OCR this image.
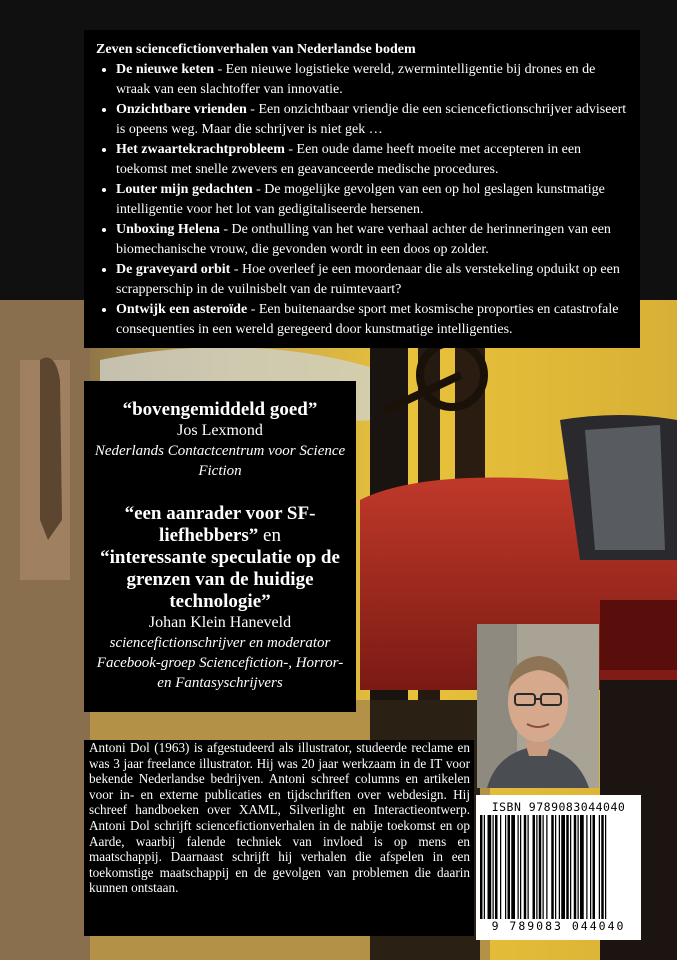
Zeven sciencefictionverhalen van Nederlandse bodem
• De nieuwe keten - Een nieuwe logistieke wereld, zwermintelligentie bij drones en de wraak van een slachtoffer van innovatie.
• Onzichtbare vrienden - Een onzichtbaar vriendje die een sciencefictionschrijver adviseert is opeens weg. Maar die schrijver is niet gek …
• Het zwaartekrachtprobleem - Een oude dame heeft moeite met accepteren in een toekomst met snelle zwevers en geavanceerde medische procedures.
• Louter mijn gedachten - De mogelijke gevolgen van een op hol geslagen kunstmatige intelligentie voor het lot van gedigitaliseerde hersenen.
• Unboxing Helena - De onthulling van het ware verhaal achter de herinneringen van een biomechanische vrouw, die gevonden wordt in een doos op zolder.
• De graveyard orbit - Hoe overleef je een moordenaar die als verstekeling opduikt op een scrapperschip in de vuilnisbelt van de ruimtevaart?
• Ontwijk een asteroïde - Een buitenaardse sport met kosmische proporties en catastrofale consequenties in een wereld geregeerd door kunstmatige intelligenties.
“bovengemiddeld goed”
Jos Lexmond
Nederlands Contactcentrum voor Science Fiction
“een aanrader voor SF-liefhebbers” en
“interessante speculatie op de grenzen van de huidige technologie”
Johan Klein Haneveld
sciencefictionschrijver en moderator Facebook-groep Sciencefiction-, Horror- en Fantasyschrijvers
Antoni Dol (1963) is afgestudeerd als illustrator, studeerde reclame en was 3 jaar freelance illustrator. Hij was 20 jaar werkzaam in de IT voor bekende Nederlandse bedrijven. Antoni schreef columns en artikelen voor in- en externe publicaties en tijdschriften over webdesign. Hij schreef handboeken over XAML, Silverlight en Interactieontwerp. Antoni Dol schrijft sciencefictionverhalen in de nabije toekomst en op Aarde, waarbij falende techniek van invloed is op mens en maatschappij. Daarnaast schrijft hij verhalen die afspelen in een toekomstige maatschappij en de gevolgen van problemen die daarin kunnen ontstaan.
ISBN 9789083044040
9 789083 044040
